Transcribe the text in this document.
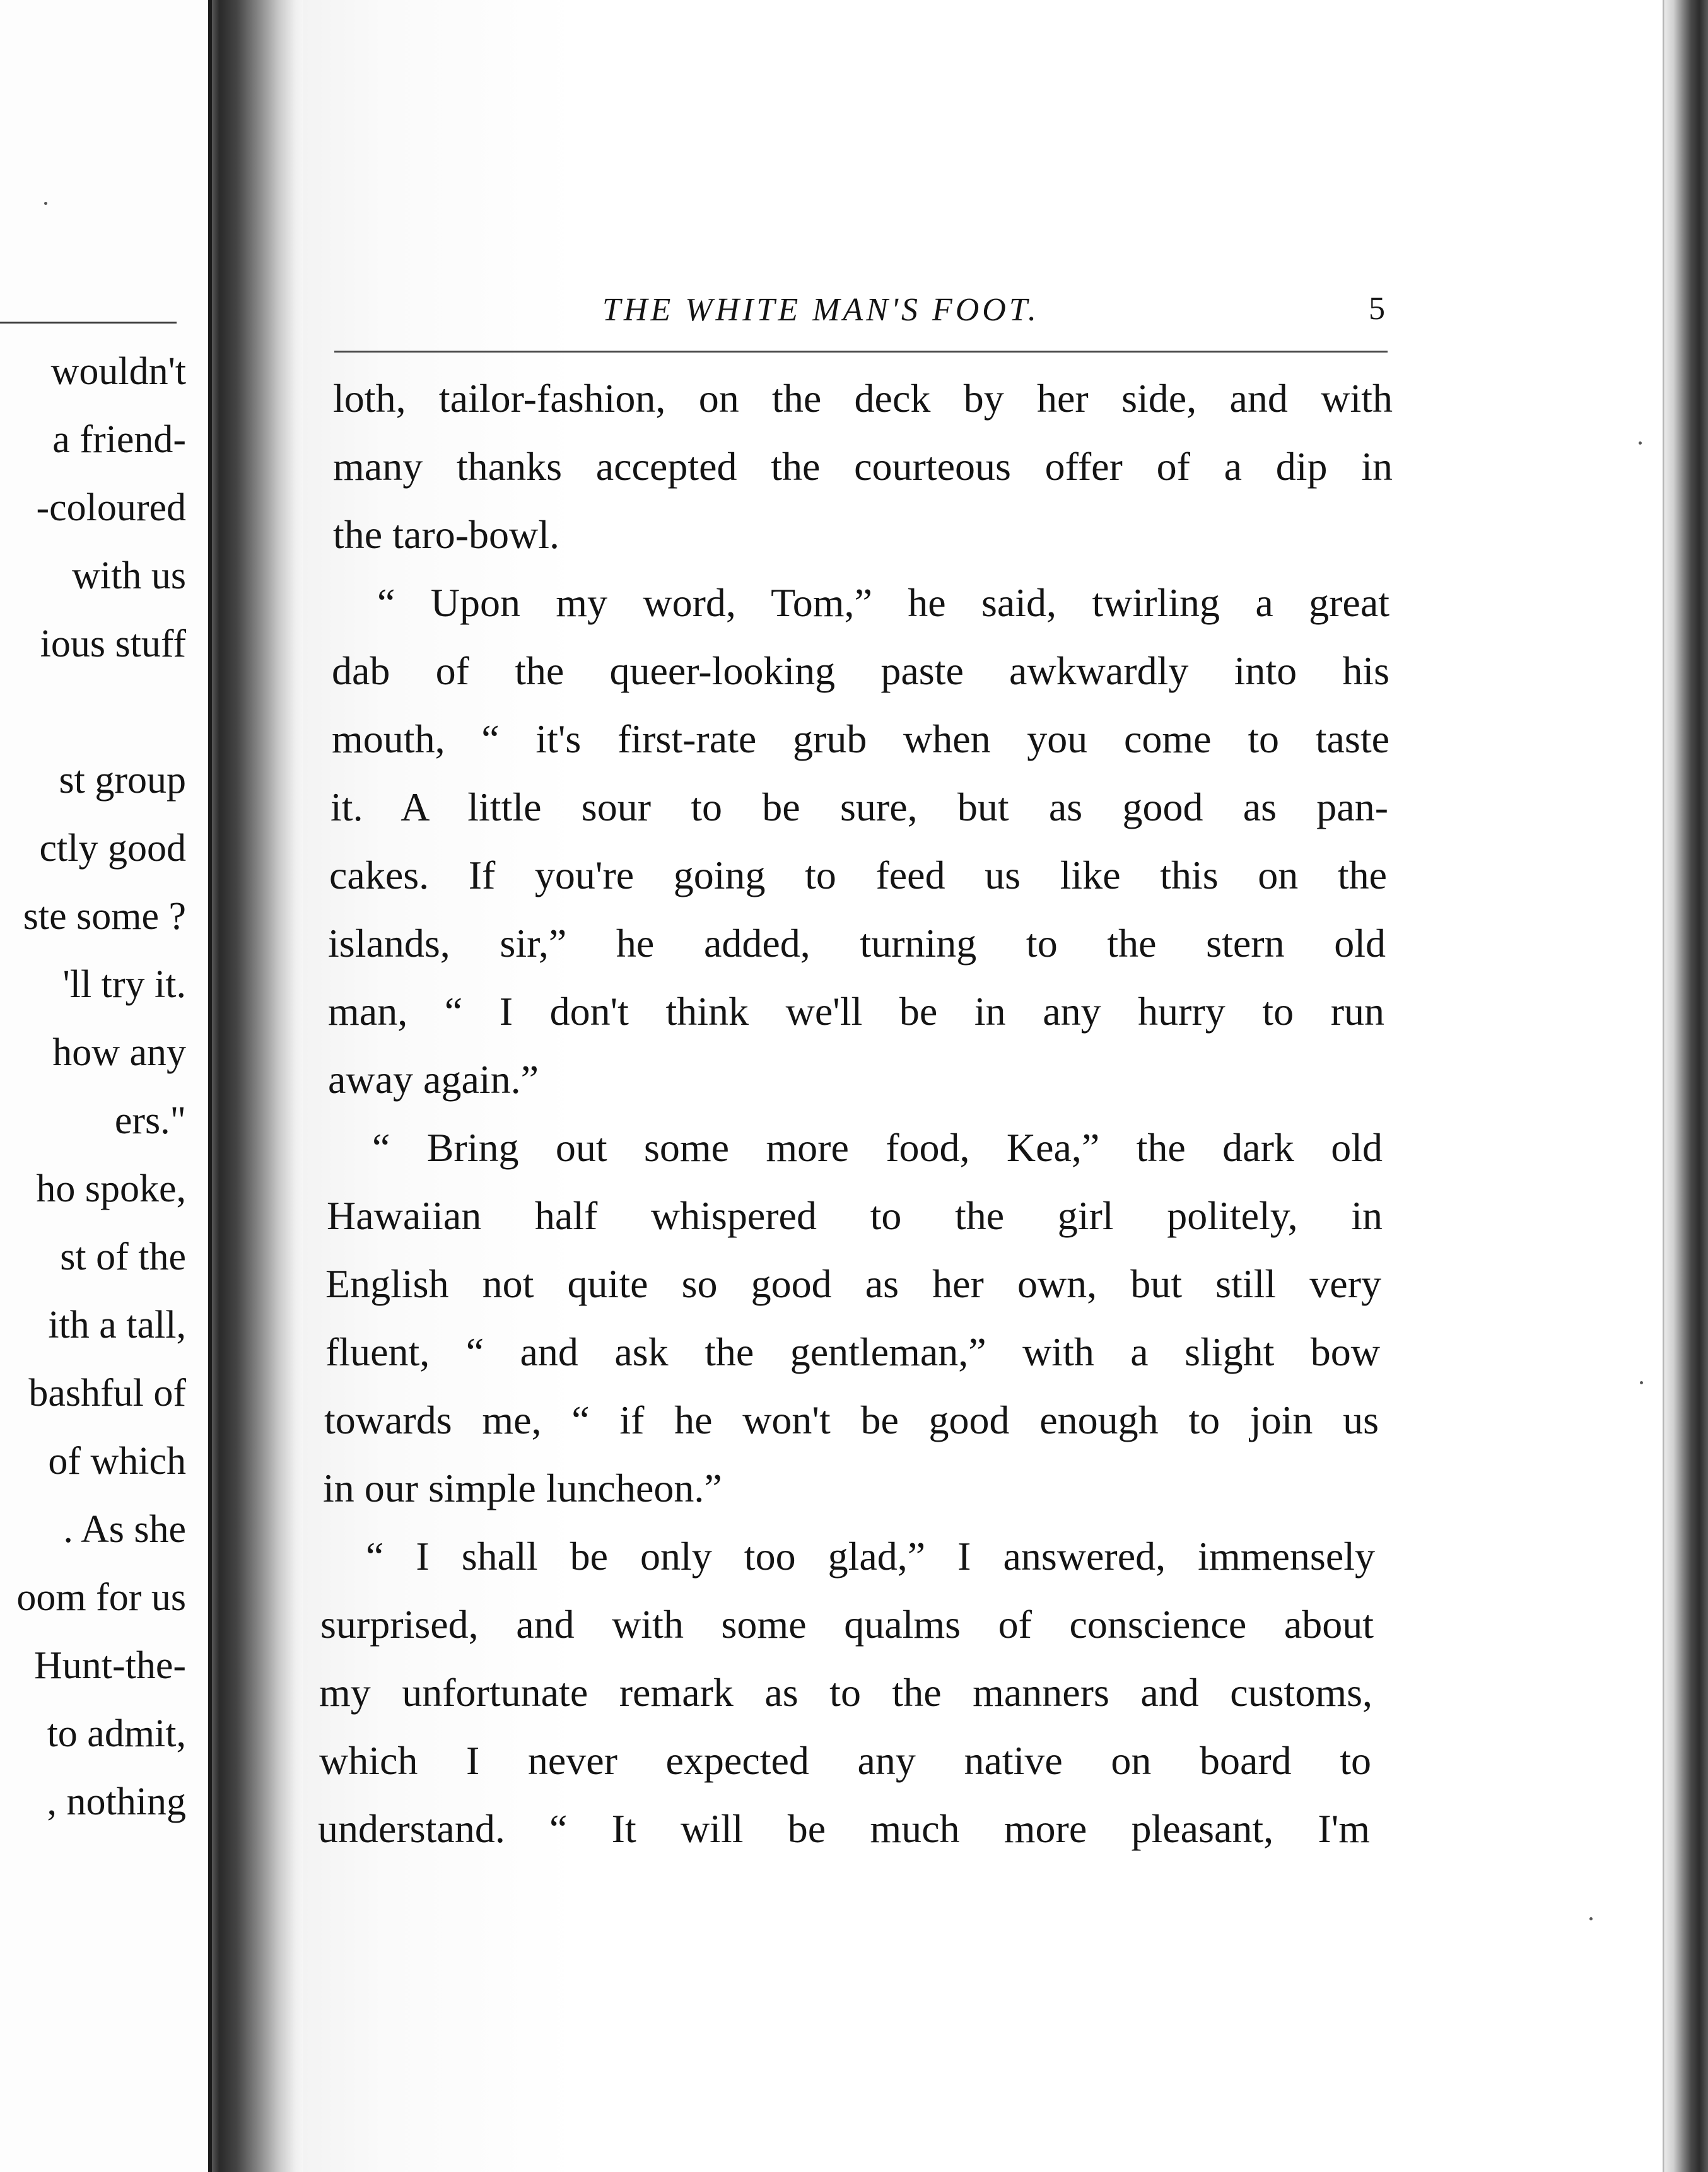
wouldn't
a friend-
-coloured
with us
ious stuff
st group
ctly good
ste some ?
'll try it.
how any
ers."
ho spoke,
st of the
ith a tall,
bashful of
of which
. As she
oom for us
Hunt-the-
to admit,
, nothing
THE WHITE MAN'S FOOT.	5
loth, tailor-fashion, on the deck by her side, and with
many thanks accepted the courteous offer of a dip in
the taro-bowl.
“ Upon my word, Tom,” he said, twirling a great
dab of the queer-looking paste awkwardly into his
mouth, “ it's first-rate grub when you come to taste
it. A little sour to be sure, but as good as pan-
cakes. If you're going to feed us like this on the
islands, sir,” he added, turning to the stern old
man, “ I don't think we'll be in any hurry to run
away again.”
“ Bring out some more food, Kea,” the dark old
Hawaiian half whispered to the girl politely, in
English not quite so good as her own, but still very
fluent, “ and ask the gentleman,” with a slight bow
towards me, “ if he won't be good enough to join us
in our simple luncheon.”
“ I shall be only too glad,” I answered, immensely
surprised, and with some qualms of conscience about
my unfortunate remark as to the manners and customs,
which I never expected any native on board to
understand. “ It will be much more pleasant, I'm
